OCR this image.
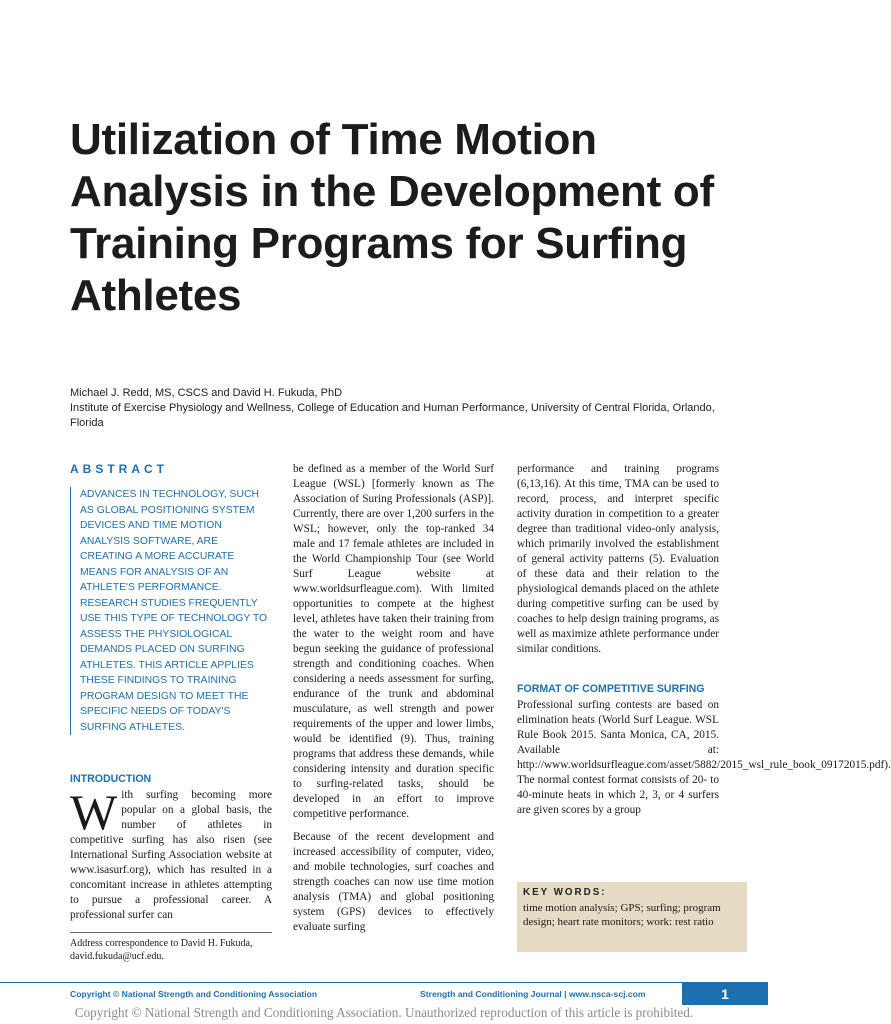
Utilization of Time Motion Analysis in the Development of Training Programs for Surfing Athletes
Michael J. Redd, MS, CSCS and David H. Fukuda, PhD
Institute of Exercise Physiology and Wellness, College of Education and Human Performance, University of Central Florida, Orlando, Florida
ABSTRACT
ADVANCES IN TECHNOLOGY, SUCH AS GLOBAL POSITIONING SYSTEM DEVICES AND TIME MOTION ANALYSIS SOFTWARE, ARE CREATING A MORE ACCURATE MEANS FOR ANALYSIS OF AN ATHLETE'S PERFORMANCE. RESEARCH STUDIES FREQUENTLY USE THIS TYPE OF TECHNOLOGY TO ASSESS THE PHYSIOLOGICAL DEMANDS PLACED ON SURFING ATHLETES. THIS ARTICLE APPLIES THESE FINDINGS TO TRAINING PROGRAM DESIGN TO MEET THE SPECIFIC NEEDS OF TODAY'S SURFING ATHLETES.
INTRODUCTION

With surfing becoming more popular on a global basis, the number of athletes in competitive surfing has also risen (see International Surfing Association website at www.isasurf.org), which has resulted in a concomitant increase in athletes attempting to pursue a professional career. A professional surfer can

Address correspondence to David H. Fukuda, david.fukuda@ucf.edu.

be defined as a member of the World Surf League (WSL) [formerly known as The Association of Suring Professionals (ASP)]. Currently, there are over 1,200 surfers in the WSL; however, only the top-ranked 34 male and 17 female athletes are included in the World Championship Tour (see World Surf League website at www.worldsurfleague.com). With limited opportunities to compete at the highest level, athletes have taken their training from the water to the weight room and have begun seeking the guidance of professional strength and conditioning coaches. When considering a needs assessment for surfing, endurance of the trunk and abdominal musculature, as well strength and power requirements of the upper and lower limbs, would be identified (9). Thus, training programs that address these demands, while considering intensity and duration specific to surfing-related tasks, should be developed in an effort to improve competitive performance.

Because of the recent development and increased accessibility of computer, video, and mobile technologies, surf coaches and strength coaches can now use time motion analysis (TMA) and global positioning system (GPS) devices to effectively evaluate surfing

performance and training programs (6,13,16). At this time, TMA can be used to record, process, and interpret specific activity duration in competition to a greater degree than traditional video-only analysis, which primarily involved the establishment of general activity patterns (5). Evaluation of these data and their relation to the physiological demands placed on the athlete during competitive surfing can be used by coaches to help design training programs, as well as maximize athlete performance under similar conditions.

FORMAT OF COMPETITIVE SURFING

Professional surfing contests are based on elimination heats (World Surf League. WSL Rule Book 2015. Santa Monica, CA, 2015. Available at: http://www.worldsurfleague.com/asset/5882/2015_wsl_rule_book_09172015.pdf). The normal contest format consists of 20- to 40-minute heats in which 2, 3, or 4 surfers are given scores by a group

KEY WORDS:
time motion analysis; GPS; surfing; program design; heart rate monitors; work: rest ratio
Copyright © National Strength and Conditioning Association	Strength and Conditioning Journal | www.nsca-scj.com	1
Copyright © National Strength and Conditioning Association. Unauthorized reproduction of this article is prohibited.
